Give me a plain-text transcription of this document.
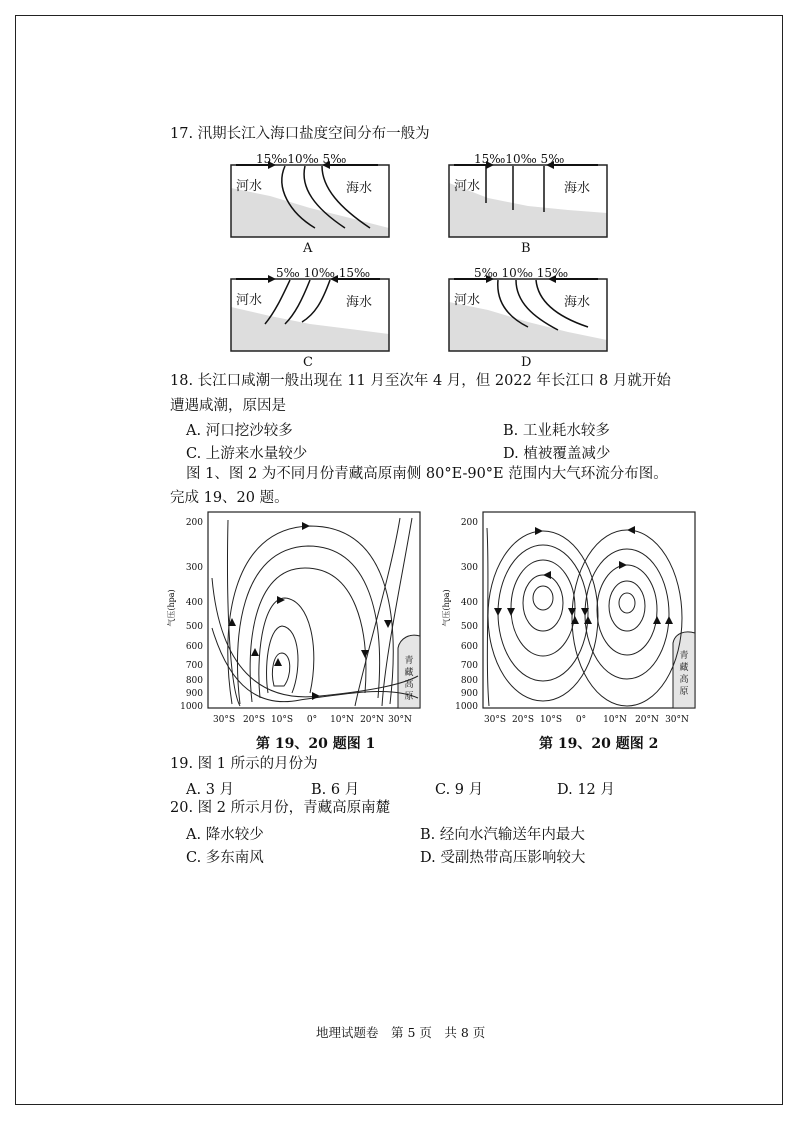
17. 汛期长江入海口盐度空间分布一般为
15‰10‰ 5‰
河水	海水
A
15‰10‰ 5‰
河水	海水
B
5‰ 10‰ 15‰
河水	海水
C
5‰ 10‰ 15‰
河水	海水
D
18. 长江口咸潮一般出现在 11 月至次年 4 月，但 2022 年长江口 8 月就开始
遭遇咸潮，原因是
A. 河口挖沙较多	B. 工业耗水较多
C. 上游来水量较少	D. 植被覆盖减少
图 1、图 2 为不同月份青藏高原南侧 80°E-90°E 范围内大气环流分布图。
完成 19、20 题。
200
300
400
500
600
700
800
900
1000
30°S 20°S 10°S 0° 10°N 20°N 30°N
青
藏
高
原
气压(hpa)
第 19、20 题图 1
200
300
400
500
600
700
800
900
1000
30°S 20°S 10°S 0° 10°N 20°N 30°N
青
藏
高
原
气压(hpa)
第 19、20 题图 2
19. 图 1 所示的月份为
A. 3 月	B. 6 月	C. 9 月	D. 12 月
20. 图 2 所示月份，青藏高原南麓
A. 降水较少	B. 经向水汽输送年内最大
C. 多东南风	D. 受副热带高压影响较大
地理试题卷　第 5 页　共 8 页
